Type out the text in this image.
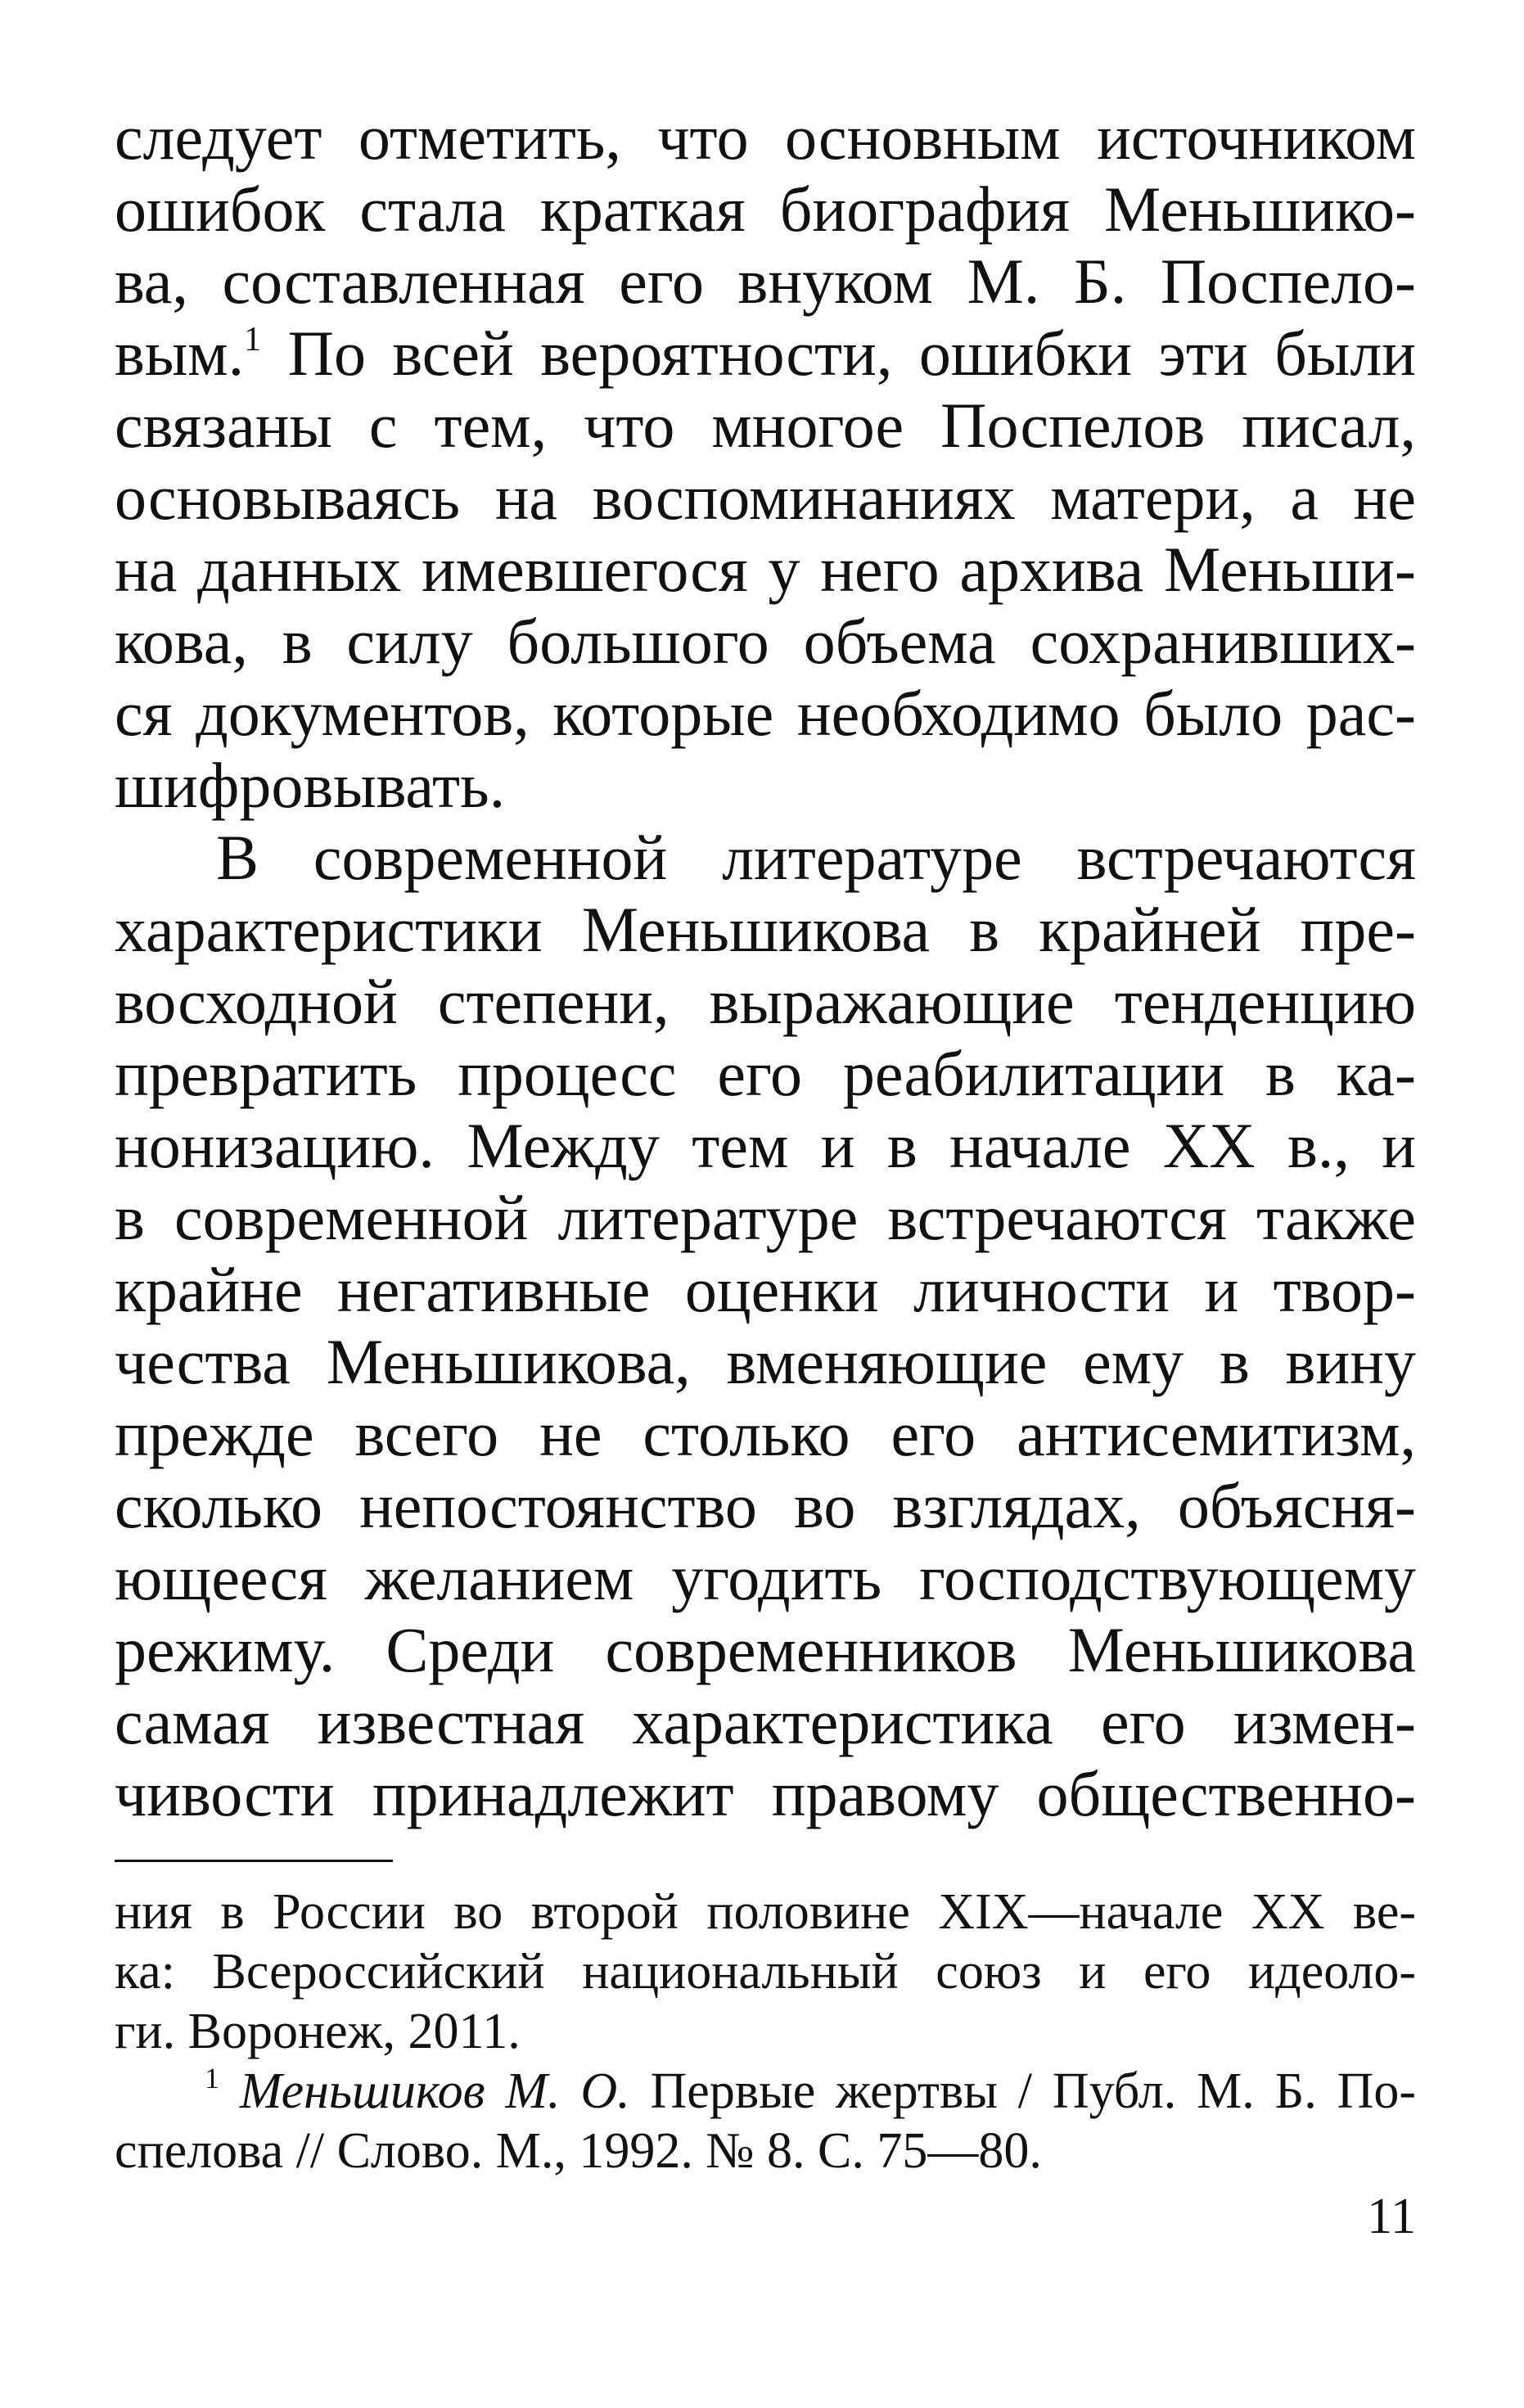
следует отметить, что основным источником
ошибок стала краткая биография Меньшико-
ва, составленная его внуком М. Б. Поспело-
вым.$^1$ По всей вероятности, ошибки эти были
связаны с тем, что многое Поспелов писал,
основываясь на воспоминаниях матери, а не
на данных имевшегося у него архива Меньши-
кова, в силу большого объема сохранивших-
ся документов, которые необходимо было рас-
шифровывать.
В современной литературе встречаются
характеристики Меньшикова в крайней пре-
восходной степени, выражающие тенденцию
превратить процесс его реабилитации в ка-
нонизацию. Между тем и в начале XX в., и
в современной литературе встречаются также
крайне негативные оценки личности и твор-
чества Меньшикова, вменяющие ему в вину
прежде всего не столько его антисемитизм,
сколько непостоянство во взглядах, объясня-
ющееся желанием угодить господствующему
режиму. Среди современников Меньшикова
самая известная характеристика его измен-
чивости принадлежит правому общественно-
ния в России во второй половине XIX—начале XX ве-
ка: Всероссийский национальный союз и его идеоло-
ги. Воронеж, 2011.
$^1$ Меньшиков М. О. Первые жертвы / Публ. М. Б. По-
спелова // Слово. М., 1992. № 8. С. 75—80.
11
